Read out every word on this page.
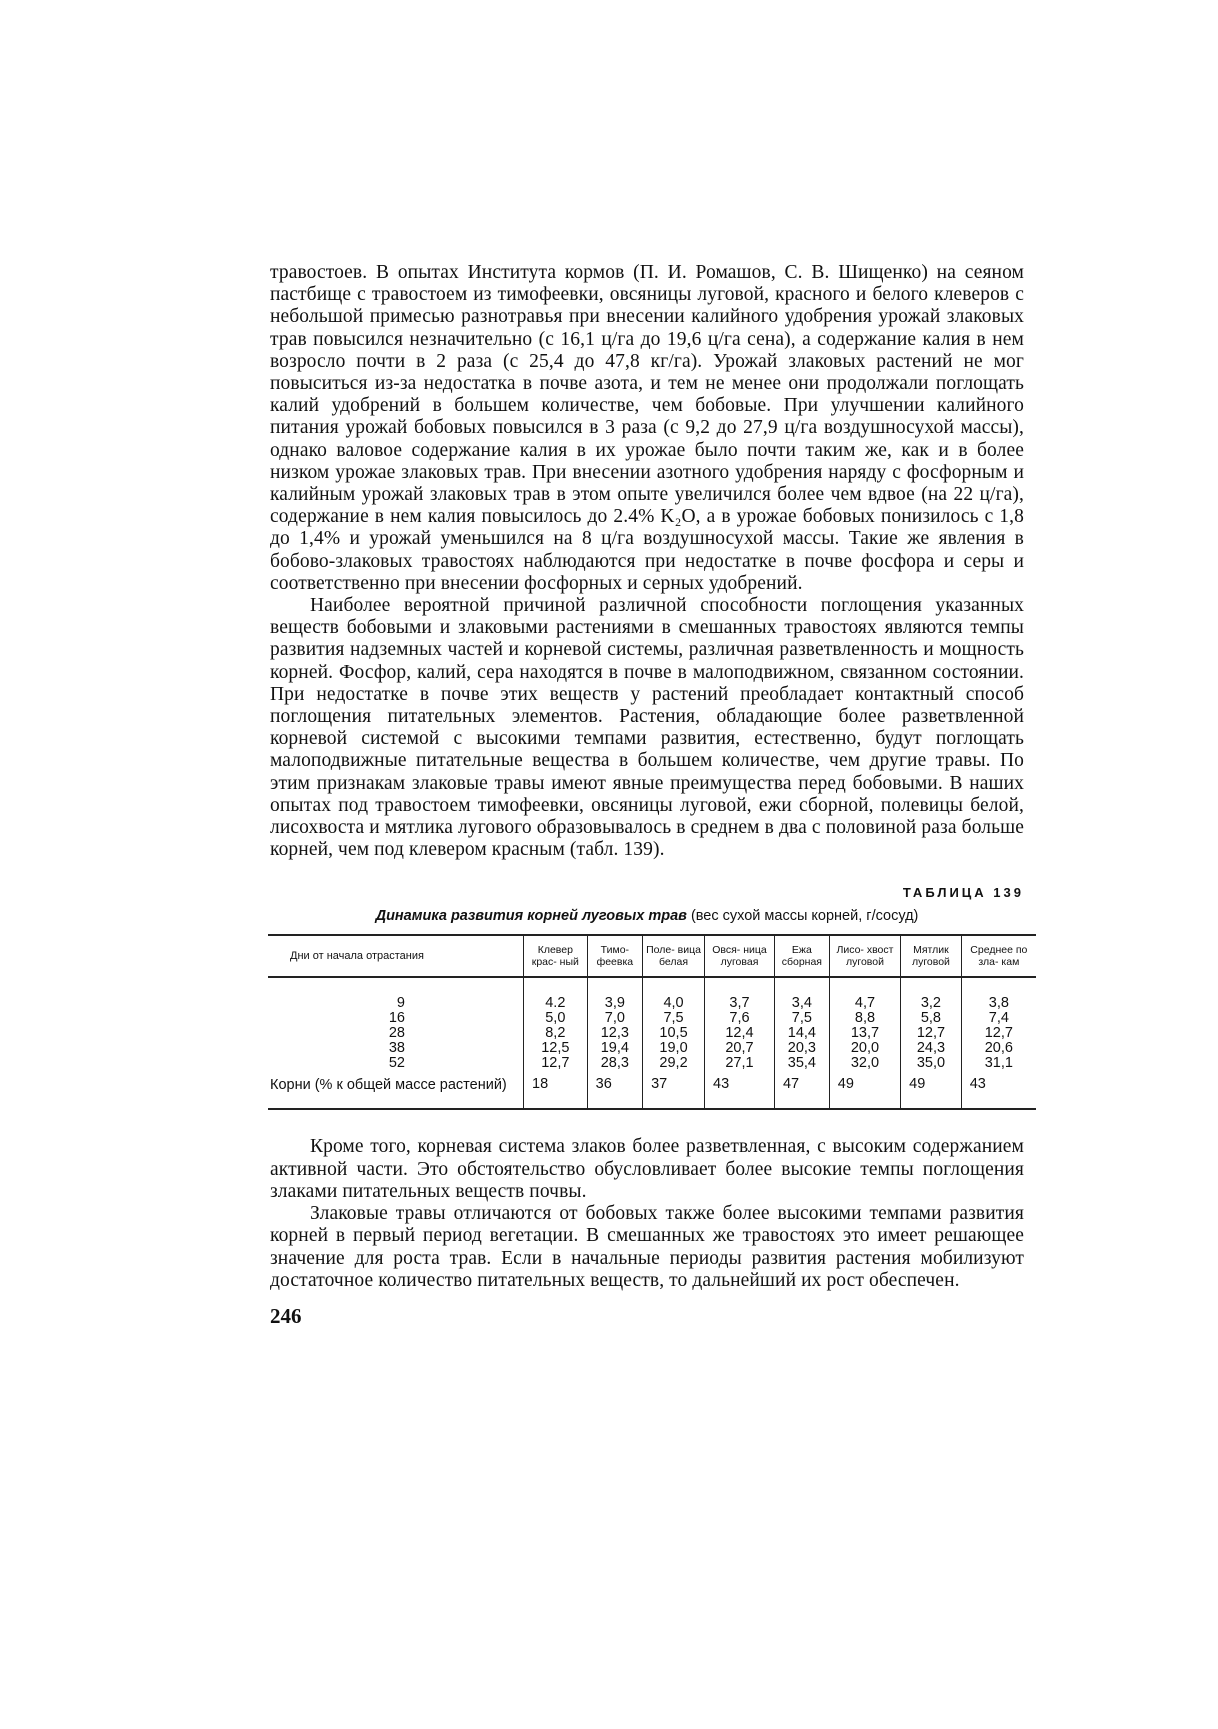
травостоев. В опытах Института кормов (П. И. Ромашов, С. В. Шищенко) на сеяном пастбище с травостоем из тимофеевки, овсяницы луговой, красного и белого клеверов с небольшой примесью разнотравья при внесении калийного удобрения урожай злаковых трав повысился незначительно (с 16,1 ц/га до 19,6 ц/га сена), а содержание калия в нем возросло почти в 2 раза (с 25,4 до 47,8 кг/га). Урожай злаковых растений не мог повыситься из-за недостатка в почве азота, и тем не менее они продолжали поглощать калий удобрений в большем количестве, чем бобовые. При улучшении калийного питания урожай бобовых повысился в 3 раза (с 9,2 до 27,9 ц/га воздушносухой массы), однако валовое содержание калия в их урожае было почти таким же, как и в более низком урожае злаковых трав. При внесении азотного удобрения наряду с фосфорным и калийным урожай злаковых трав в этом опыте увеличился более чем вдвое (на 22 ц/га), содержание в нем калия повысилось до 2.4% K₂O, а в урожае бобовых понизилось с 1,8 до 1,4% и урожай уменьшился на 8 ц/га воздушносухой массы. Такие же явления в бобово-злаковых травостоях наблюдаются при недостатке в почве фосфора и серы и соответственно при внесении фосфорных и серных удобрений.

Наиболее вероятной причиной различной способности поглощения указанных веществ бобовыми и злаковыми растениями в смешанных травостоях являются темпы развития надземных частей и корневой системы, различная разветвленность и мощность корней. Фосфор, калий, сера находятся в почве в малоподвижном, связанном состоянии. При недостатке в почве этих веществ у растений преобладает контактный способ поглощения питательных элементов. Растения, обладающие более разветвленной корневой системой с высокими темпами развития, естественно, будут поглощать малоподвижные питательные вещества в большем количестве, чем другие травы. По этим признакам злаковые травы имеют явные преимущества перед бобовыми. В наших опытах под травостоем тимофеевки, овсяницы луговой, ежи сборной, полевицы белой, лисохвоста и мятлика лугового образовывалось в среднем в два с половиной раза больше корней, чем под клевером красным (табл. 139).

ТАБЛИЦА 139
Динамика развития корней луговых трав (вес сухой массы корней, г/сосуд)
Дни от начала отрастания	Клевер крас- ный	Тимо- феевка	Поле- вица белая	Овся- ница луговая	Ежа сборная	Лисо- хвост луговой	Мятлик луговой	Среднее по зла- кам

9	4.2	3,9	4,0	3,7	3,4	4,7	3,2	3,8
16	5,0	7,0	7,5	7,6	7,5	8,8	5,8	7,4
28	8,2	12,3	10,5	12,4	14,4	13,7	12,7	12,7
38	12,5	19,4	19,0	20,7	20,3	20,0	24,3	20,6
52	12,7	28,3	29,2	27,1	35,4	32,0	35,0	31,1
Корни (% к общей массе растений)	18	36	37	43	47	49	49	43

Кроме того, корневая система злаков более разветвленная, с высоким содержанием активной части. Это обстоятельство обусловливает более высокие темпы поглощения злаками питательных веществ почвы.

Злаковые травы отличаются от бобовых также более высокими темпами развития корней в первый период вегетации. В смешанных же травостоях это имеет решающее значение для роста трав. Если в начальные периоды развития растения мобилизуют достаточное количество питательных веществ, то дальнейший их рост обеспечен.

246
